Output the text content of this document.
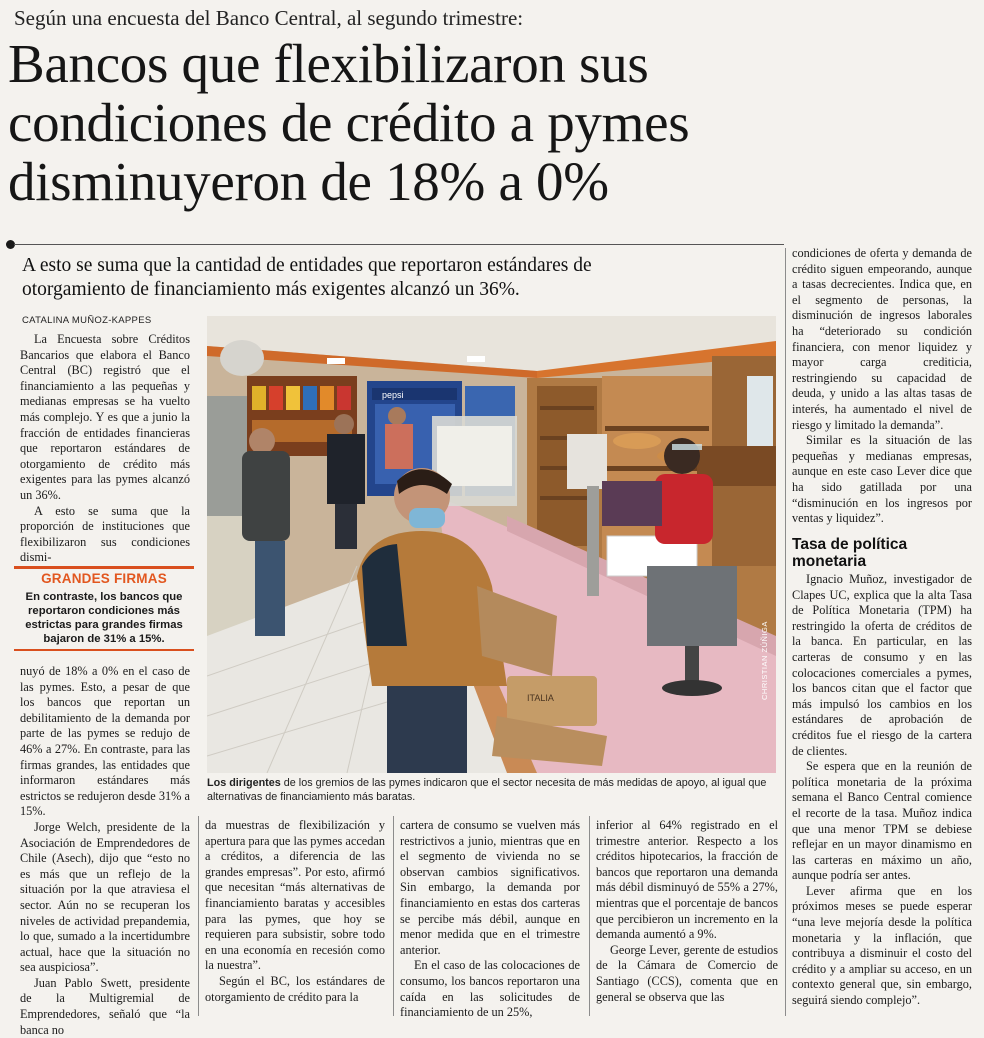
Según una encuesta del Banco Central, al segundo trimestre:
Bancos que flexibilizaron sus
condiciones de crédito a pymes
disminuyeron de 18% a 0%
A esto se suma que la cantidad de entidades que reportaron estándares de
otorgamiento de financiamiento más exigentes alcanzó un 36%.
CATALINA MUÑOZ-KAPPES

La Encuesta sobre Créditos Bancarios que elabora el Banco Central (BC) registró que el financiamiento a las pequeñas y medianas empresas se ha vuelto más complejo. Y es que a junio la fracción de entidades financieras que reportaron estándares de otorgamiento de crédito más exigentes para las pymes alcanzó un 36%.

A esto se suma que la proporción de instituciones que flexibilizaron sus condiciones dismi-

GRANDES FIRMAS
En contraste, los bancos que reportaron condiciones más estrictas para grandes firmas bajaron de 31% a 15%.

nuyó de 18% a 0% en el caso de las pymes. Esto, a pesar de que los bancos que reportan un debilitamiento de la demanda por parte de las pymes se redujo de 46% a 27%. En contraste, para las firmas grandes, las entidades que informaron estándares más estrictos se redujeron desde 31% a 15%.

Jorge Welch, presidente de la Asociación de Emprendedores de Chile (Asech), dijo que “esto no es más que un reflejo de la situación por la que atraviesa el sector. Aún no se recuperan los niveles de actividad prepandemia, lo que, sumado a la incertidumbre actual, hace que la situación no sea auspiciosa”.

Juan Pablo Swett, presidente de la Multigremial de Emprendedores, señaló que “la banca no

pepsi
ITALIA	CHRISTIAN ZÚÑIGA
Los dirigentes de los gremios de las pymes indicaron que el sector necesita de más medidas de apoyo, al igual que alternativas de financiamiento más baratas.

da muestras de flexibilización y apertura para que las pymes accedan a créditos, a diferencia de las grandes empresas”. Por esto, afirmó que necesitan “más alternativas de financiamiento baratas y accesibles para las pymes, que hoy se requieren para subsistir, sobre todo en una economía en recesión como la nuestra”.

Según el BC, los estándares de otorgamiento de crédito para la

cartera de consumo se vuelven más restrictivos a junio, mientras que en el segmento de vivienda no se observan cambios significativos. Sin embargo, la demanda por financiamiento en estas dos carteras se percibe más débil, aunque en menor medida que en el trimestre anterior.

En el caso de las colocaciones de consumo, los bancos reportaron una caída en las solicitudes de financiamiento de un 25%,

inferior al 64% registrado en el trimestre anterior. Respecto a los créditos hipotecarios, la fracción de bancos que reportaron una demanda más débil disminuyó de 55% a 27%, mientras que el porcentaje de bancos que percibieron un incremento en la demanda aumentó a 9%.

George Lever, gerente de estudios de la Cámara de Comercio de Santiago (CCS), comenta que en general se observa que las

condiciones de oferta y demanda de crédito siguen empeorando, aunque a tasas decrecientes. Indica que, en el segmento de personas, la disminución de ingresos laborales ha “deteriorado su condición financiera, con menor liquidez y mayor carga crediticia, restringiendo su capacidad de deuda, y unido a las altas tasas de interés, ha aumentado el nivel de riesgo y limitado la demanda”.

Similar es la situación de las pequeñas y medianas empresas, aunque en este caso Lever dice que ha sido gatillada por una “disminución en los ingresos por ventas y liquidez”.

Tasa de política monetaria

Ignacio Muñoz, investigador de Clapes UC, explica que la alta Tasa de Política Monetaria (TPM) ha restringido la oferta de créditos de la banca. En particular, en las carteras de consumo y en las colocaciones comerciales a pymes, los bancos citan que el factor que más impulsó los cambios en los estándares de aprobación de créditos fue el riesgo de la cartera de clientes.

Se espera que en la reunión de política monetaria de la próxima semana el Banco Central comience el recorte de la tasa. Muñoz indica que una menor TPM se debiese reflejar en un mayor dinamismo en las carteras en máximo un año, aunque podría ser antes.

Lever afirma que en los próximos meses se puede esperar “una leve mejoría desde la política monetaria y la inflación, que contribuya a disminuir el costo del crédito y a ampliar su acceso, en un contexto general que, sin embargo, seguirá siendo complejo”.
